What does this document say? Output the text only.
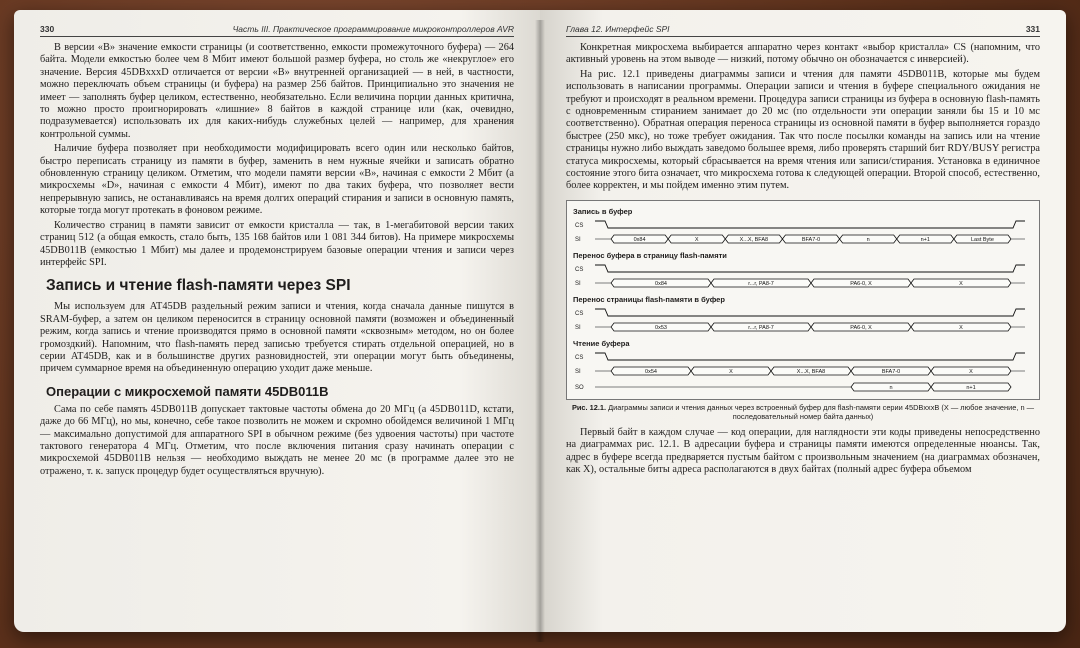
330	Часть III. Практическое программирование микроконтроллеров AVR

В версии «В» значение емкости страницы (и соответственно, емкости промежуточного буфера) — 264 байта. Модели емкостью более чем 8 Мбит имеют большой размер буфера, но столь же «некруглое» его значение. Версия 45DBxxxD отличается от версии «В» внутренней организацией — в ней, в частности, можно переключать объем страницы (и буфера) на размер 256 байтов. Принципиально это значения не имеет — заполнять буфер целиком, естественно, необязательно. Если величина порции данных критична, то можно просто проигнорировать «лишние» 8 байтов в каждой странице или (как, очевидно, подразумевается) использовать их для каких-нибудь служебных целей — например, для хранения контрольной суммы.

Наличие буфера позволяет при необходимости модифицировать всего один или несколько байтов, быстро переписать страницу из памяти в буфер, заменить в нем нужные ячейки и записать обратно обновленную страницу целиком. Отметим, что модели памяти версии «В», начиная с емкости 2 Мбит (а микросхемы «D», начиная с емкости 4 Мбит), имеют по два таких буфера, что позволяет вести непрерывную запись, не останавливаясь на время долгих операций стирания и записи в основную память, которые тогда могут протекать в фоновом режиме.

Количество страниц в памяти зависит от емкости кристалла — так, в 1-мегабитовой версии таких страниц 512 (а общая емкость, стало быть, 135 168 байтов или 1 081 344 битов). На примере микросхемы 45DB011B (емкостью 1 Мбит) мы далее и продемонстрируем базовые операции чтения и записи через интерфейс SPI.

Запись и чтение flash-памяти через SPI

Мы используем для AT45DB раздельный режим записи и чтения, когда сначала данные пишутся в SRAM-буфер, а затем он целиком переносится в страницу основной памяти (возможен и объединенный режим, когда запись и чтение производятся прямо в основной памяти «сквозным» методом, но он более громоздкий). Напомним, что flash-память перед записью требуется стирать отдельной операцией, но в серии AT45DB, как и в большинстве других разновидностей, эти операции могут быть объединены, причем суммарное время на объединенную операцию уходит даже меньше.

Операции с микросхемой памяти 45DB011B

Сама по себе память 45DB011B допускает тактовые частоты обмена до 20 МГц (а 45DB011D, кстати, даже до 66 МГц), но мы, конечно, себе такое позволить не можем и скромно обойдемся величиной 1 МГц — максимально допустимой для аппаратного SPI в обычном режиме (без удвоения частоты) при частоте тактового генератора 4 МГц. Отметим, что после включения питания сразу начинать операции с микросхемой 45DB011B нельзя — необходимо выждать не менее 20 мс (в программе далее это не отражено, т. к. запуск процедур будет осуществляться вручную).

Глава 12. Интерфейс SPI	331

Конкретная микросхема выбирается аппаратно через контакт «выбор кристалла» CS (напомним, что активный уровень на этом выводе — низкий, потому обычно он обозначается с инверсией).

На рис. 12.1 приведены диаграммы записи и чтения для памяти 45DB011B, которые мы будем использовать в написании программы. Операции записи и чтения в буфере специального ожидания не требуют и происходят в реальном времени. Процедура записи страницы из буфера в основную flash-память с одновременным стиранием занимает до 20 мс (по отдельности эти операции заняли бы 15 и 10 мс соответственно). Обратная операция переноса страницы из основной памяти в буфер выполняется гораздо быстрее (250 мкс), но тоже требует ожидания. Так что после посылки команды на запись или на чтение страницы нужно либо выждать заведомо большее время, либо проверять старший бит RDY/BUSY регистра статуса микросхемы, который сбрасывается на время чтения или записи/стирания. Установка в единичное состояние этого бита означает, что микросхема готова к следующей операции. Второй способ, естественно, более корректен, и мы пойдем именно этим путем.

Запись в буфер
CS
SI	0x84	X	X...X, BFA8	BFA7-0	n	n+1	Last Byte
Перенос буфера в страницу flash-памяти
CS
SI	0x84	r...r, PA8-7	PA6-0, X	X
Перенос страницы flash-памяти в буфер
CS
SI	0x53	r...r, PA8-7	PA6-0, X	X
Чтение буфера
CS
SI	0x54	X	X...X, BFA8	BFA7-0	X
SO	n	n+1
Рис. 12.1. Диаграммы записи и чтения данных через встроенный буфер для flash-памяти серии 45DBxxxB (X — любое значение, n — последовательный номер байта данных)

Первый байт в каждом случае — код операции, для наглядности эти коды приведены непосредственно на диаграммах рис. 12.1. В адресации буфера и страницы памяти имеются определенные нюансы. Так, адрес в буфере всегда предваряется пустым байтом с произвольным значением (на диаграммах обозначен, как X), остальные биты адреса располагаются в двух байтах (полный адрес буфера объемом
